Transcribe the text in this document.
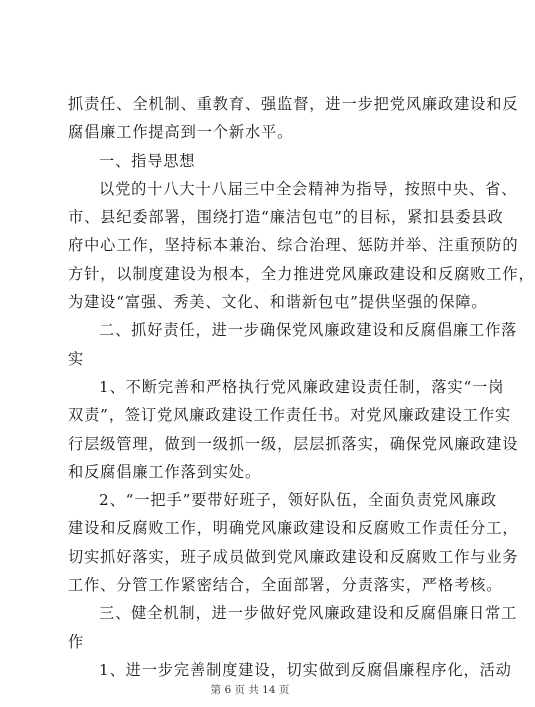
抓责任、全机制、重教育、强监督，进一步把党风廉政建设和反
腐倡廉工作提高到一个新水平。

一、指导思想

以党的十八大十八届三中全会精神为指导，按照中央、省、
市、县纪委部署，围绕打造“廉洁包屯”的目标，紧扣县委县政
府中心工作，坚持标本兼治、综合治理、惩防并举、注重预防的
方针，以制度建设为根本，全力推进党风廉政建设和反腐败工作，
为建设“富强、秀美、文化、和谐新包屯”提供坚强的保障。

二、抓好责任，进一步确保党风廉政建设和反腐倡廉工作落
实

1、不断完善和严格执行党风廉政建设责任制，落实“一岗
双责”，签订党风廉政建设工作责任书。对党风廉政建设工作实
行层级管理，做到一级抓一级，层层抓落实，确保党风廉政建设
和反腐倡廉工作落到实处。

2、“一把手”要带好班子，领好队伍，全面负责党风廉政
建设和反腐败工作，明确党风廉政建设和反腐败工作责任分工，
切实抓好落实，班子成员做到党风廉政建设和反腐败工作与业务
工作、分管工作紧密结合，全面部署，分责落实，严格考核。

三、健全机制，进一步做好党风廉政建设和反腐倡廉日常工
作

1、进一步完善制度建设，切实做到反腐倡廉程序化，活动

第 6 页 共 14 页
